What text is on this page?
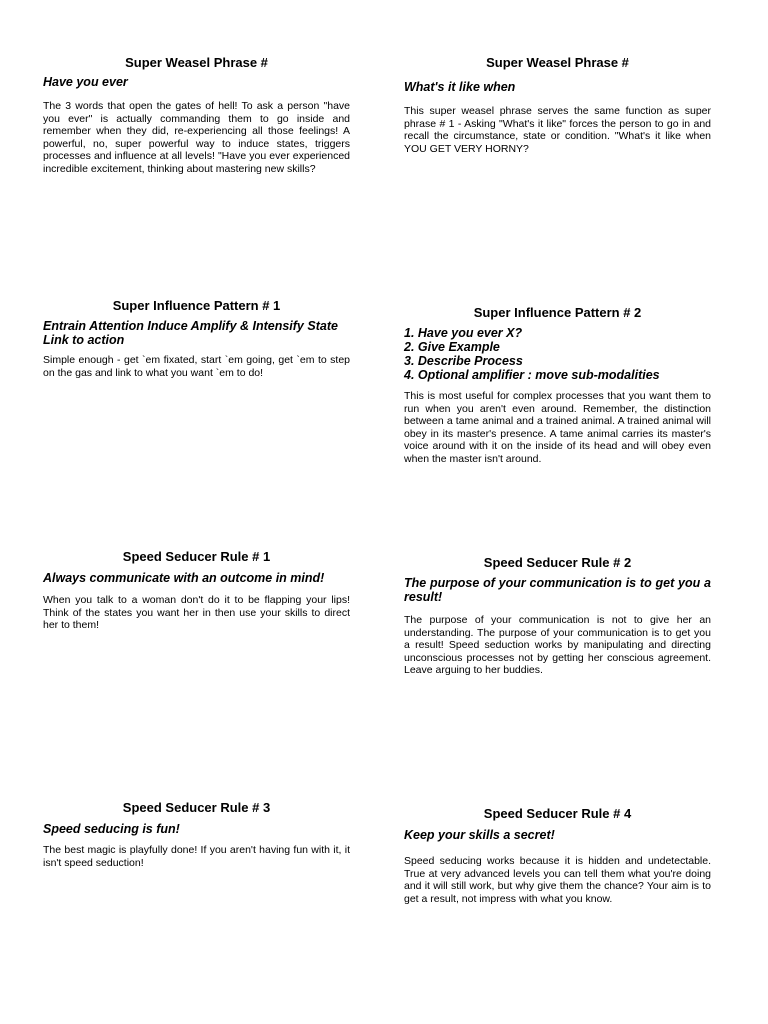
Super Weasel Phrase #

Have you ever

The 3 words that open the gates of hell! To ask a person "have you ever" is actually commanding them to go inside and remember when they did, re-experiencing all those feelings! A powerful, no, super powerful way to induce states, triggers processes and influence at all levels! "Have you ever experienced incredible excitement, thinking about mastering new skills?

Super Weasel Phrase #

What's it like when

This super weasel phrase serves the same function as super phrase # 1 - Asking "What's it like" forces the person to go in and recall the circumstance, state or condition. "What's it like when YOU GET VERY HORNY?

Super Influence Pattern # 1

Entrain Attention Induce Amplify & Intensify State Link to action

Simple enough - get `em fixated, start `em going, get `em to step on the gas and link to what you want `em to do!

Super Influence Pattern # 2

1. Have you ever X?
2. Give Example
3. Describe Process
4. Optional amplifier : move sub-modalities

This is most useful for complex processes that you want them to run when you aren't even around. Remember, the distinction between a tame animal and a trained animal. A trained animal will obey in its master's presence. A tame animal carries its master's voice around with it on the inside of its head and will obey even when the master isn't around.

Speed Seducer Rule # 1

Always communicate with an outcome in mind!

When you talk to a woman don't do it to be flapping your lips! Think of the states you want her in then use your skills to direct her to them!

Speed Seducer Rule # 2

The purpose of your communication is to get you a result!

The purpose of your communication is not to give her an understanding. The purpose of your communication is to get you a result! Speed seduction works by manipulating and directing unconscious processes not by getting her conscious agreement. Leave arguing to her buddies.

Speed Seducer Rule # 3

Speed seducing is fun!

The best magic is playfully done! If you aren't having fun with it, it isn't speed seduction!

Speed Seducer Rule # 4

Keep your skills a secret!

Speed seducing works because it is hidden and undetectable. True at very advanced levels you can tell them what you're doing and it will still work, but why give them the chance? Your aim is to get a result, not impress with what you know.
